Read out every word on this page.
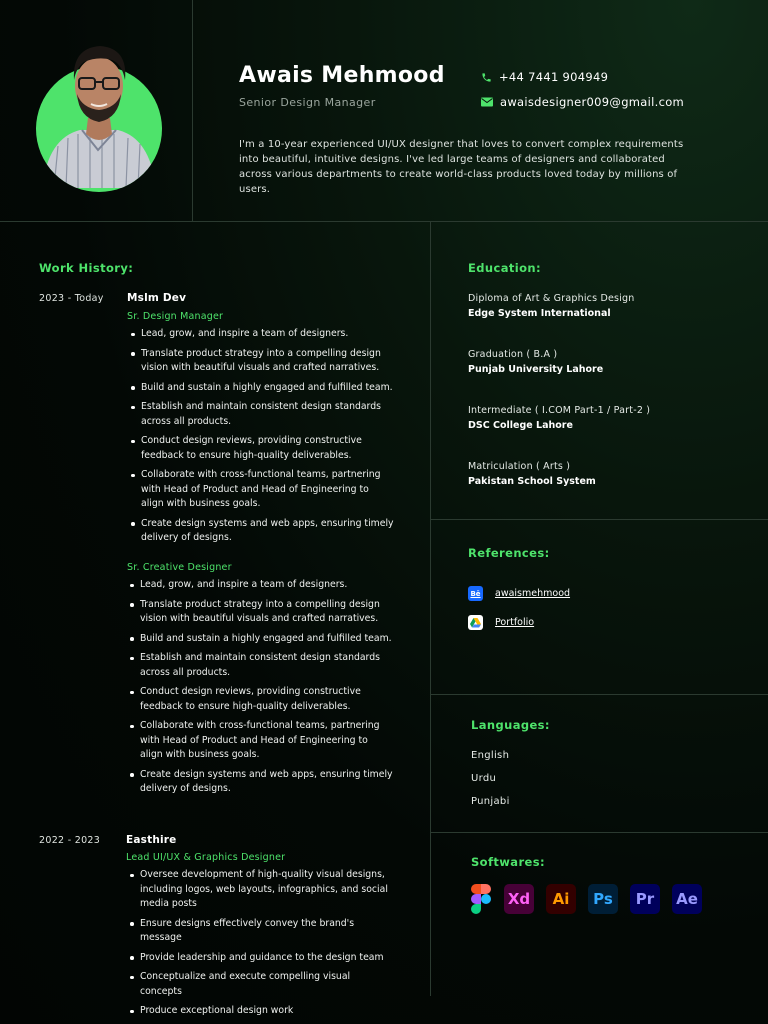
Awais Mehmood
Senior Design Manager
+44 7441 904949
awaisdesigner009@gmail.com
I'm a 10-year experienced UI/UX designer that loves to convert complex requirements into beautiful, intuitive designs. I've led large teams of designers and collaborated across various departments to create world-class products loved today by millions of users.
Work History:
2023 - Today Mslm Dev
Sr. Design Manager
Lead, grow, and inspire a team of designers.
Translate product strategy into a compelling design vision with beautiful visuals and crafted narratives.
Build and sustain a highly engaged and fulfilled team.
Establish and maintain consistent design standards across all products.
Conduct design reviews, providing constructive feedback to ensure high-quality deliverables.
Collaborate with cross-functional teams, partnering with Head of Product and Head of Engineering to align with business goals.
Create design systems and web apps, ensuring timely delivery of designs.
Sr. Creative Designer
Lead, grow, and inspire a team of designers.
Translate product strategy into a compelling design vision with beautiful visuals and crafted narratives.
Build and sustain a highly engaged and fulfilled team.
Establish and maintain consistent design standards across all products.
Conduct design reviews, providing constructive feedback to ensure high-quality deliverables.
Collaborate with cross-functional teams, partnering with Head of Product and Head of Engineering to align with business goals.
Create design systems and web apps, ensuring timely delivery of designs.
2022 - 2023 Easthire
Lead UI/UX & Graphics Designer
Oversee development of high-quality visual designs, including logos, web layouts, infographics, and social media posts
Ensure designs effectively convey the brand's message
Provide leadership and guidance to the design team
Conceptualize and execute compelling visual concepts
Produce exceptional design work
Education:
Diploma of Art & Graphics Design
Edge System International
Graduation ( B.A )
Punjab University Lahore
Intermediate ( I.COM Part-1 / Part-2 )
DSC College Lahore
Matriculation ( Arts )
Pakistan School System
References:
Bē awaismehmood
Portfolio
Languages:
English
Urdu
Punjabi
Softwares:
Xd	Ai	Ps	Pr	Ae
